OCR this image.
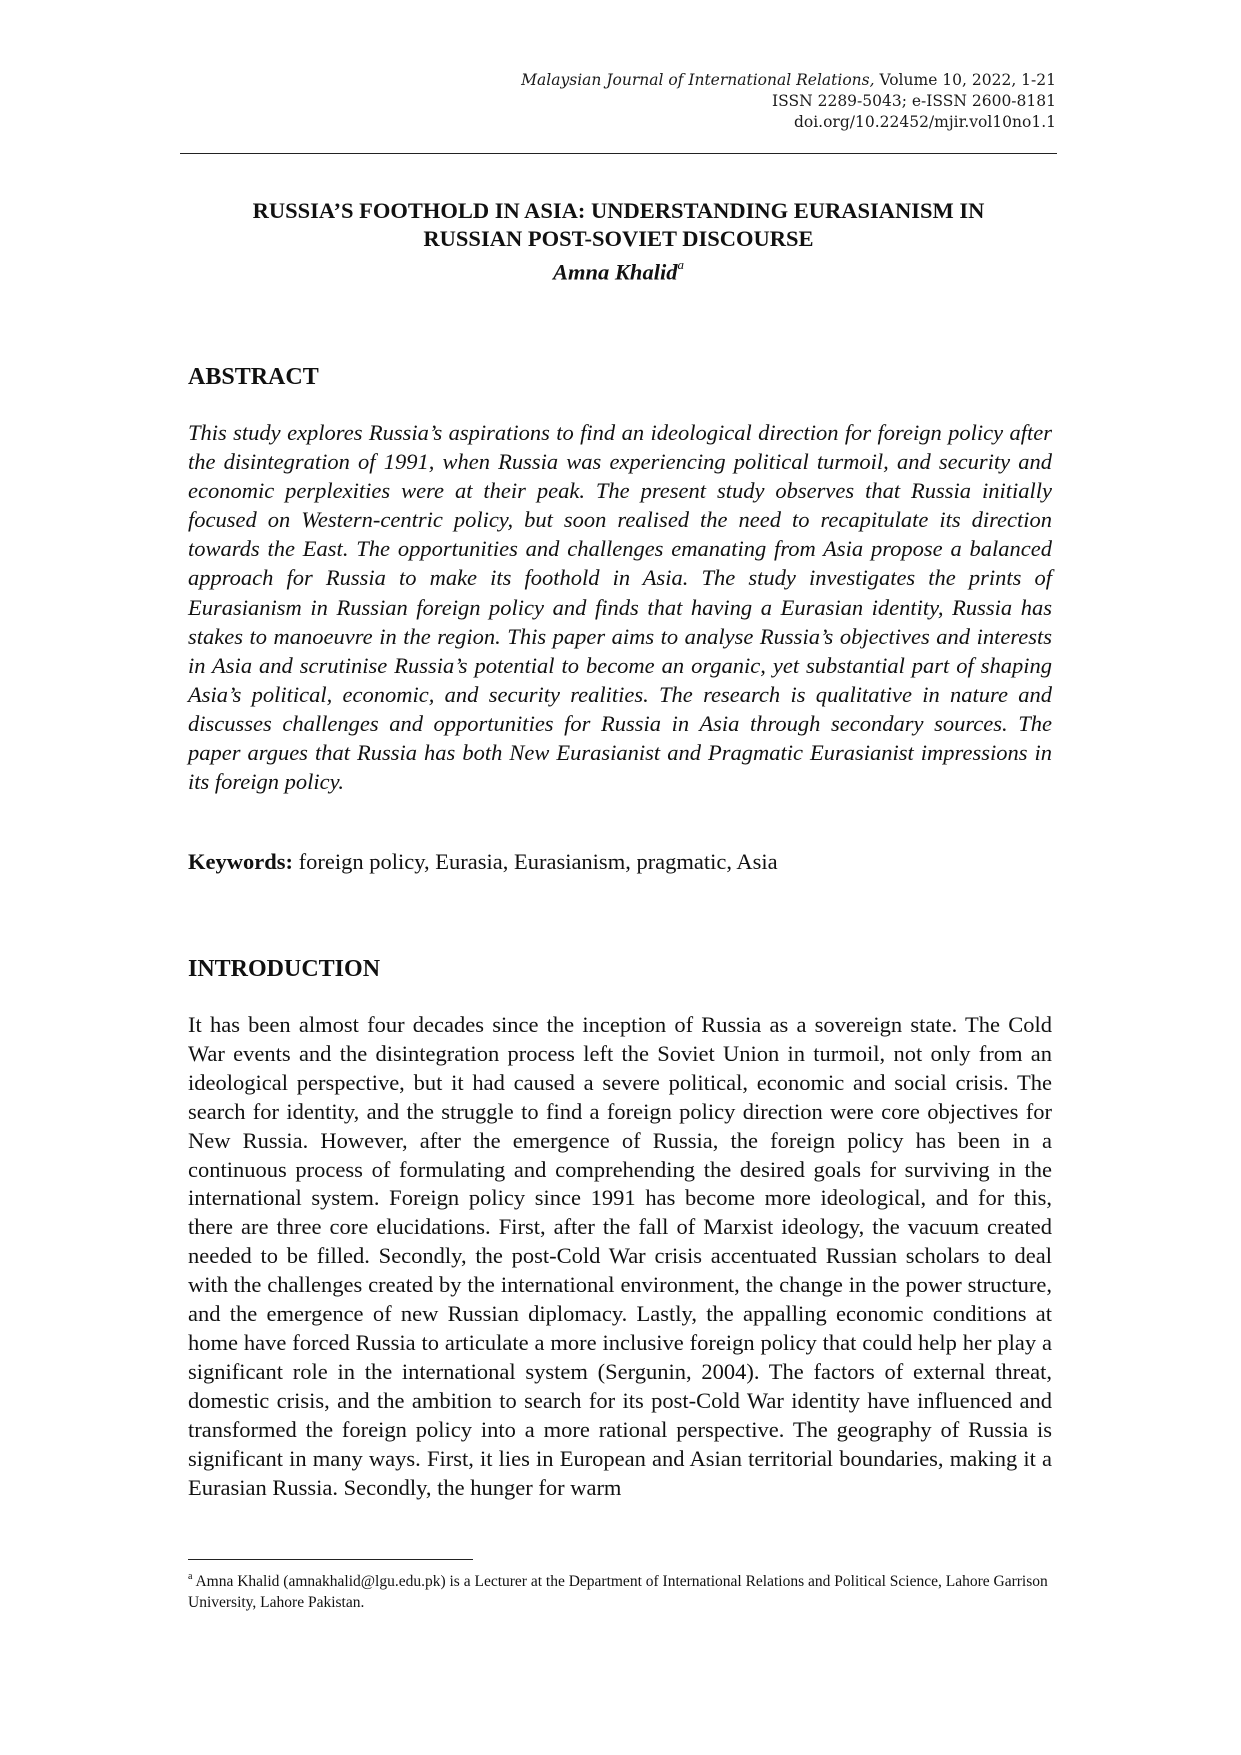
Malaysian Journal of International Relations, Volume 10, 2022, 1-21
ISSN 2289-5043; e-ISSN 2600-8181
doi.org/10.22452/mjir.vol10no1.1
RUSSIA’S FOOTHOLD IN ASIA: UNDERSTANDING EURASIANISM IN
RUSSIAN POST-SOVIET DISCOURSE
Amna Khalid$^a$
ABSTRACT
This study explores Russia’s aspirations to find an ideological direction for foreign policy after the disintegration of 1991, when Russia was experiencing political turmoil, and security and economic perplexities were at their peak. The present study observes that Russia initially focused on Western-centric policy, but soon realised the need to recapitulate its direction towards the East. The opportunities and challenges emanating from Asia propose a balanced approach for Russia to make its foothold in Asia. The study investigates the prints of Eurasianism in Russian foreign policy and finds that having a Eurasian identity, Russia has stakes to manoeuvre in the region. This paper aims to analyse Russia’s objectives and interests in Asia and scrutinise Russia’s potential to become an organic, yet substantial part of shaping Asia’s political, economic, and security realities. The research is qualitative in nature and discusses challenges and opportunities for Russia in Asia through secondary sources. The paper argues that Russia has both New Eurasianist and Pragmatic Eurasianist impressions in its foreign policy.
Keywords: foreign policy, Eurasia, Eurasianism, pragmatic, Asia
INTRODUCTION
It has been almost four decades since the inception of Russia as a sovereign state. The Cold War events and the disintegration process left the Soviet Union in turmoil, not only from an ideological perspective, but it had caused a severe political, economic and social crisis. The search for identity, and the struggle to find a foreign policy direction were core objectives for New Russia. However, after the emergence of Russia, the foreign policy has been in a continuous process of formulating and comprehending the desired goals for surviving in the international system. Foreign policy since 1991 has become more ideological, and for this, there are three core elucidations. First, after the fall of Marxist ideology, the vacuum created needed to be filled. Secondly, the post-Cold War crisis accentuated Russian scholars to deal with the challenges created by the international environment, the change in the power structure, and the emergence of new Russian diplomacy. Lastly, the appalling economic conditions at home have forced Russia to articulate a more inclusive foreign policy that could help her play a significant role in the international system (Sergunin, 2004). The factors of external threat, domestic crisis, and the ambition to search for its post-Cold War identity have influenced and transformed the foreign policy into a more rational perspective. The geography of Russia is significant in many ways. First, it lies in European and Asian territorial boundaries, making it a Eurasian Russia. Secondly, the hunger for warm
$^a$ Amna Khalid (amnakhalid@lgu.edu.pk) is a Lecturer at the Department of International Relations and Political Science, Lahore Garrison University, Lahore Pakistan.
